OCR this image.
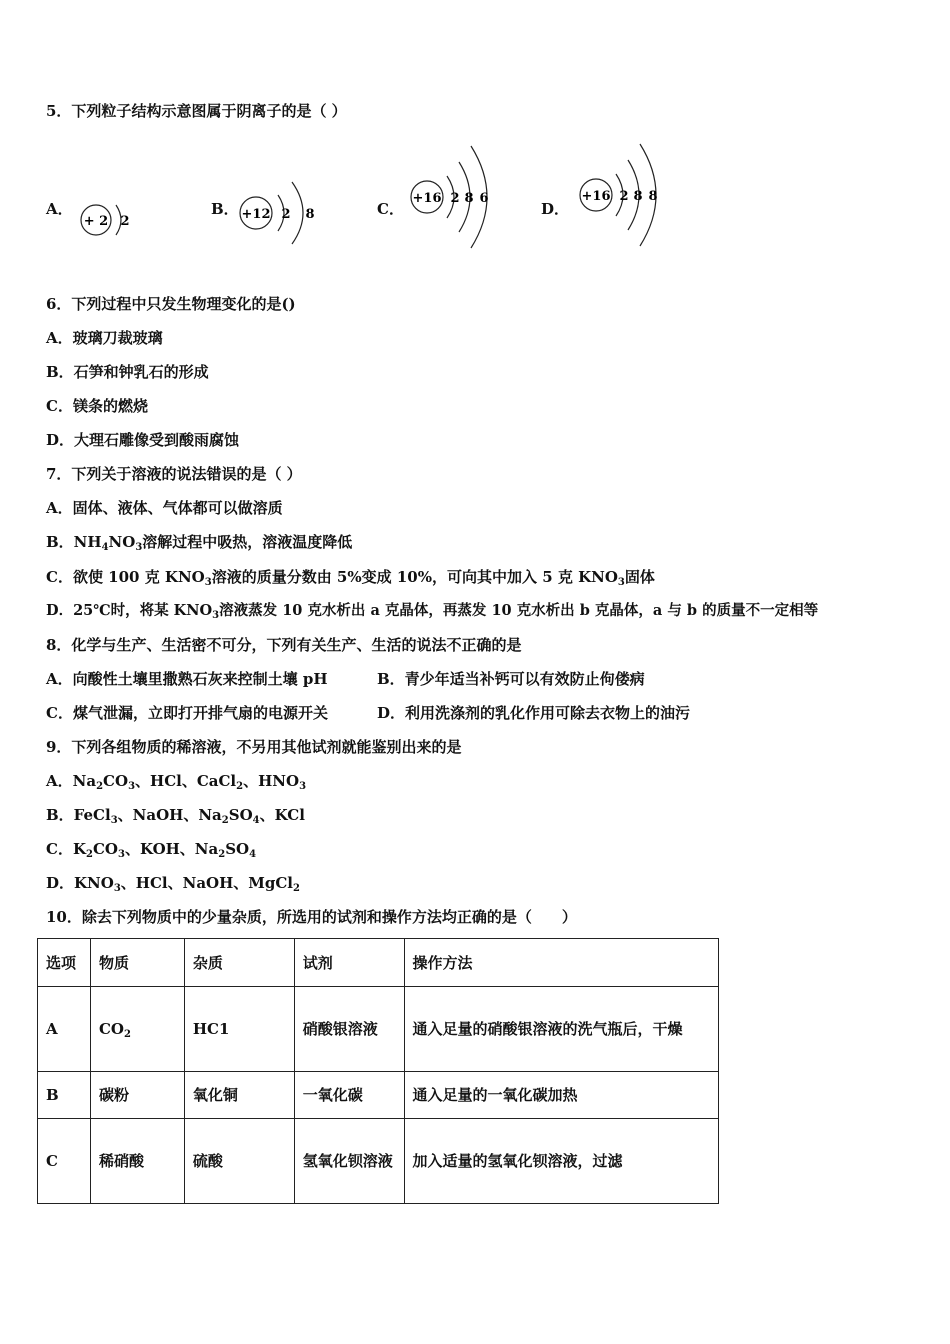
5．下列粒子结构示意图属于阴离子的是（ ）
A．
+ 2 2
B． +12 2 8	C．
+16 2 8 6
D．
+16 2 8 8
6．下列过程中只发生物理变化的是()
A．玻璃刀裁玻璃
B．石笋和钟乳石的形成
C．镁条的燃烧
D．大理石雕像受到酸雨腐蚀
7．下列关于溶液的说法错误的是（ ）
A．固体、液体、气体都可以做溶质
B．$NH_4NO_3$溶解过程中吸热，溶液温度降低
C．欲使 100 克 $KNO_3$溶液的质量分数由 5%变成 10%，可向其中加入 5 克 $KNO_3$固体
D．25℃时，将某 $KNO_3$溶液蒸发 10 克水析出 a 克晶体，再蒸发 10 克水析出 b 克晶体，a 与 b 的质量不一定相等
8．化学与生产、生活密不可分，下列有关生产、生活的说法不正确的是
A．向酸性土壤里撒熟石灰来控制土壤 pH	B．青少年适当补钙可以有效防止佝偻病
C．煤气泄漏，立即打开排气扇的电源开关	D．利用洗涤剂的乳化作用可除去衣物上的油污
9．下列各组物质的稀溶液，不另用其他试剂就能鉴别出来的是
A．$Na_2CO_3$、HCl、CaCl$_2$、$HNO_3$
B．FeCl$_3$、NaOH、$Na_2SO_4$、KCl
C．$K_2CO_3$、KOH、$Na_2SO_4$
D．$KNO_3$、HCl、NaOH、MgCl$_2$
10．除去下列物质中的少量杂质，所选用的试剂和操作方法均正确的是（　　）
选项	物质	杂质	试剂	操作方法
A	$CO_2$	HC1	硝酸银溶液	通入足量的硝酸银溶液的洗气瓶后，干燥
B	碳粉	氧化铜	一氧化碳	通入足量的一氧化碳加热
C	稀硝酸	硫酸	氢氧化钡溶液	加入适量的氢氧化钡溶液，过滤
